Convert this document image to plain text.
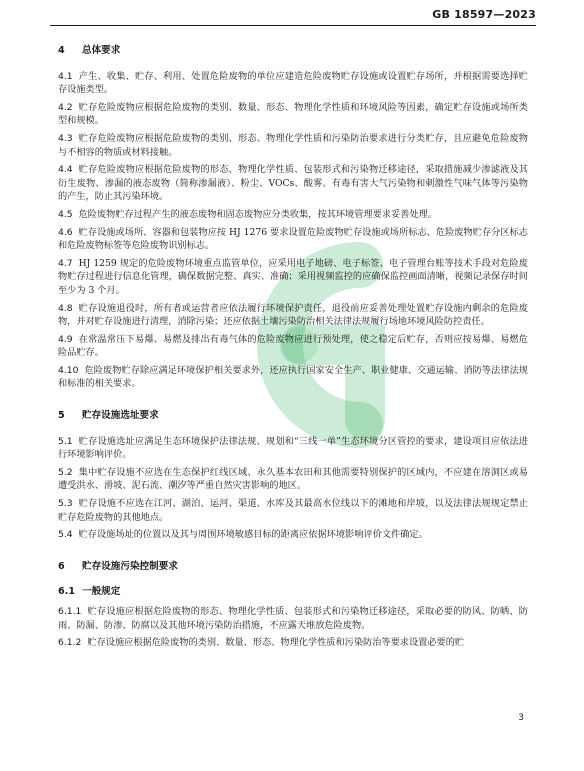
GB 18597—2023
4 总体要求

4.1 产生、收集、贮存、利用、处置危险废物的单位应建造危险废物贮存设施或设置贮存场所，并根据需要选择贮存设施类型。

4.2 贮存危险废物应根据危险废物的类别、数量、形态、物理化学性质和环境风险等因素，确定贮存设施或场所类型和规模。

4.3 贮存危险废物应根据危险废物的类别、形态、物理化学性质和污染防治要求进行分类贮存，且应避免危险废物与不相容的物质或材料接触。

4.4 贮存危险废物应根据危险废物的形态、物理化学性质、包装形式和污染物迁移途径，采取措施减少渗滤液及其衍生废物、渗漏的液态废物（简称渗漏液）、粉尘、VOCs、酸雾、有毒有害大气污染物和刺激性气味气体等污染物的产生，防止其污染环境。

4.5 危险废物贮存过程产生的液态废物和固态废物应分类收集，按其环境管理要求妥善处理。

4.6 贮存设施或场所、容器和包装物应按 HJ 1276 要求设置危险废物贮存设施或场所标志、危险废物贮存分区标志和危险废物标签等危险废物识别标志。

4.7 HJ 1259 规定的危险废物环境重点监管单位，应采用电子地磅、电子标签、电子管理台账等技术手段对危险废物贮存过程进行信息化管理，确保数据完整、真实、准确；采用视频监控的应确保监控画面清晰，视频记录保存时间至少为 3 个月。

4.8 贮存设施退役时，所有者或运营者应依法履行环境保护责任，退役前应妥善处理处置贮存设施内剩余的危险废物，并对贮存设施进行清理，消除污染；还应依据土壤污染防治相关法律法规履行场地环境风险防控责任。

4.9 在常温常压下易爆、易燃及排出有毒气体的危险废物应进行预处理，使之稳定后贮存，否则应按易爆、易燃危险品贮存。

4.10 危险废物贮存除应满足环境保护相关要求外，还应执行国家安全生产、职业健康、交通运输、消防等法律法规和标准的相关要求。

5 贮存设施选址要求

5.1 贮存设施选址应满足生态环境保护法律法规、规划和“三线一单”生态环境分区管控的要求，建设项目应依法进行环境影响评价。

5.2 集中贮存设施不应选在生态保护红线区域、永久基本农田和其他需要特别保护的区域内，不应建在溶洞区或易遭受洪水、滑坡、泥石流、潮汐等严重自然灾害影响的地区。

5.3 贮存设施不应选在江河、湖泊、运河、渠道、水库及其最高水位线以下的滩地和岸坡，以及法律法规规定禁止贮存危险废物的其他地点。

5.4 贮存设施场址的位置以及其与周围环境敏感目标的距离应依据环境影响评价文件确定。

6 贮存设施污染控制要求
6.1 一般规定

6.1.1 贮存设施应根据危险废物的形态、物理化学性质、包装形式和污染物迁移途径，采取必要的防风、防晒、防雨、防漏、防渗、防腐以及其他环境污染防治措施，不应露天堆放危险废物。

6.1.2 贮存设施应根据危险废物的类别、数量、形态、物理化学性质和污染防治等要求设置必要的贮

3
